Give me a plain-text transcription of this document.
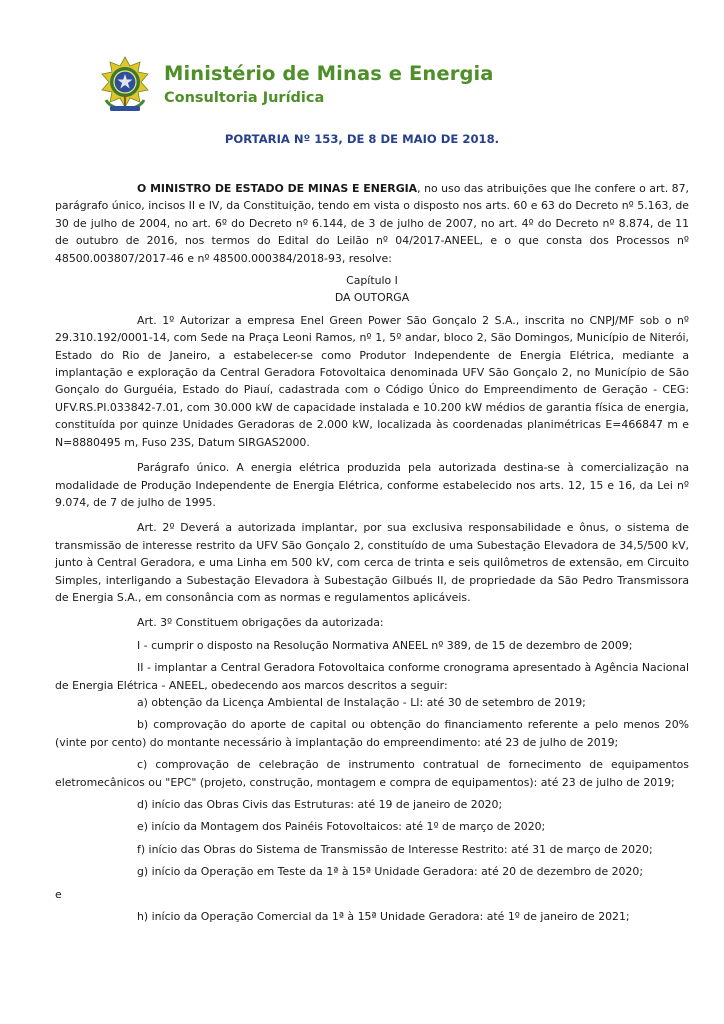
Ministério de Minas e Energia
Consultoria Jurídica
PORTARIA Nº 153, DE 8 DE MAIO DE 2018.

O MINISTRO DE ESTADO DE MINAS E ENERGIA, no uso das atribuições que lhe confere o art. 87, parágrafo único, incisos II e IV, da Constituição, tendo em vista o disposto nos arts. 60 e 63 do Decreto nº 5.163, de 30 de julho de 2004, no art. 6º do Decreto nº 6.144, de 3 de julho de 2007, no art. 4º do Decreto nº 8.874, de 11 de outubro de 2016, nos termos do Edital do Leilão nº 04/2017-ANEEL, e o que consta dos Processos nº 48500.003807/2017-46 e nº 48500.000384/2018-93, resolve:

Capítulo I

DA OUTORGA

Art. 1º Autorizar a empresa Enel Green Power São Gonçalo 2 S.A., inscrita no CNPJ/MF sob o nº 29.310.192/0001-14, com Sede na Praça Leoni Ramos, nº 1, 5º andar, bloco 2, São Domingos, Município de Niterói, Estado do Rio de Janeiro, a estabelecer-se como Produtor Independente de Energia Elétrica, mediante a implantação e exploração da Central Geradora Fotovoltaica denominada UFV São Gonçalo 2, no Município de São Gonçalo do Gurguéia, Estado do Piauí, cadastrada com o Código Único do Empreendimento de Geração - CEG: UFV.RS.PI.033842-7.01, com 30.000 kW de capacidade instalada e 10.200 kW médios de garantia física de energia, constituída por quinze Unidades Geradoras de 2.000 kW, localizada às coordenadas planimétricas E=466847 m e N=8880495 m, Fuso 23S, Datum SIRGAS2000.

Parágrafo único. A energia elétrica produzida pela autorizada destina-se à comercialização na modalidade de Produção Independente de Energia Elétrica, conforme estabelecido nos arts. 12, 15 e 16, da Lei nº 9.074, de 7 de julho de 1995.

Art. 2º Deverá a autorizada implantar, por sua exclusiva responsabilidade e ônus, o sistema de transmissão de interesse restrito da UFV São Gonçalo 2, constituído de uma Subestação Elevadora de 34,5/500 kV, junto à Central Geradora, e uma Linha em 500 kV, com cerca de trinta e seis quilômetros de extensão, em Circuito Simples, interligando a Subestação Elevadora à Subestação Gilbués II, de propriedade da São Pedro Transmissora de Energia S.A., em consonância com as normas e regulamentos aplicáveis.

Art. 3º Constituem obrigações da autorizada:

I - cumprir o disposto na Resolução Normativa ANEEL nº 389, de 15 de dezembro de 2009;

II - implantar a Central Geradora Fotovoltaica conforme cronograma apresentado à Agência Nacional de Energia Elétrica - ANEEL, obedecendo aos marcos descritos a seguir:

a) obtenção da Licença Ambiental de Instalação - LI: até 30 de setembro de 2019;

b) comprovação do aporte de capital ou obtenção do financiamento referente a pelo menos 20% (vinte por cento) do montante necessário à implantação do empreendimento: até 23 de julho de 2019;

c) comprovação de celebração de instrumento contratual de fornecimento de equipamentos eletromecânicos ou "EPC" (projeto, construção, montagem e compra de equipamentos): até 23 de julho de 2019;

d) início das Obras Civis das Estruturas: até 19 de janeiro de 2020;

e) início da Montagem dos Painéis Fotovoltaicos: até 1º de março de 2020;

f) início das Obras do Sistema de Transmissão de Interesse Restrito: até 31 de março de 2020;

g) início da Operação em Teste da 1ª à 15ª Unidade Geradora: até 20 de dezembro de 2020;

e

h) início da Operação Comercial da 1ª à 15ª Unidade Geradora: até 1º de janeiro de 2021;
